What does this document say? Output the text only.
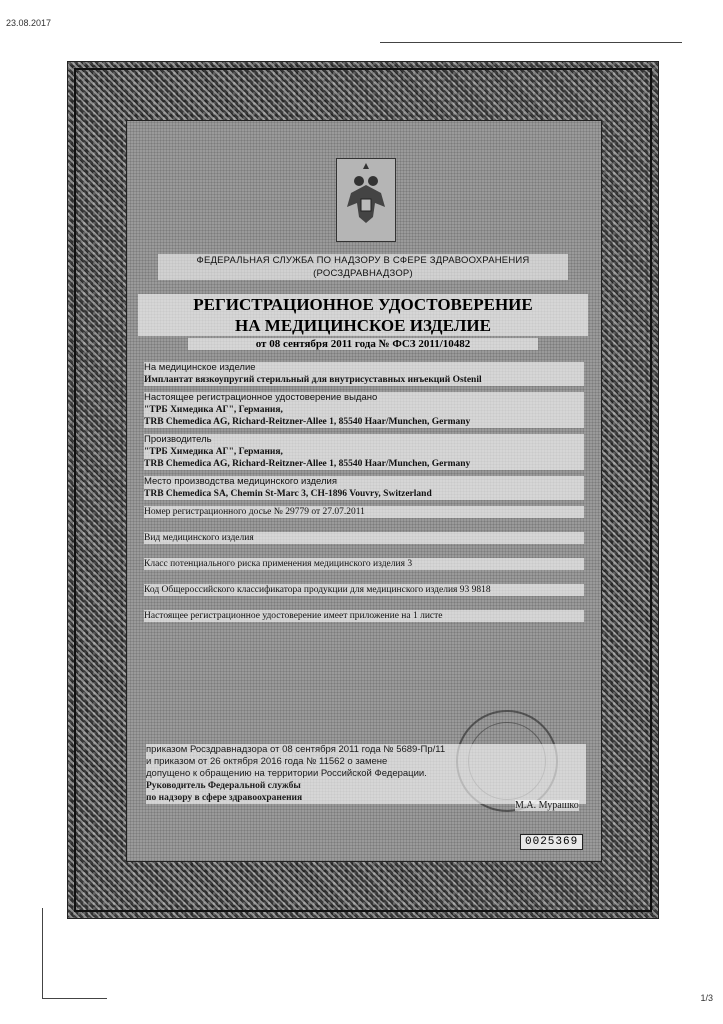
23.08.2017
ФЕДЕРАЛЬНАЯ СЛУЖБА ПО НАДЗОРУ В СФЕРЕ ЗДРАВООХРАНЕНИЯ
(РОСЗДРАВНАДЗОР)
РЕГИСТРАЦИОННОЕ УДОСТОВЕРЕНИЕ
НА МЕДИЦИНСКОЕ ИЗДЕЛИЕ
от 08 сентября 2011 года № ФСЗ 2011/10482
На медицинское изделие
Имплантат вязкоупругий стерильный для внутрисуставных инъекций Ostenil
Настоящее регистрационное удостоверение выдано
"ТРБ Химедика АГ", Германия,
TRB Chemedica AG, Richard-Reitzner-Allee 1, 85540 Haar/Munchen, Germany
Производитель
"ТРБ Химедика АГ", Германия,
TRB Chemedica AG, Richard-Reitzner-Allee 1, 85540 Haar/Munchen, Germany
Место производства медицинского изделия
TRB Chemedica SA, Chemin St-Marc 3, CH-1896 Vouvry, Switzerland
Номер регистрационного досье № 29779 от 27.07.2011
Вид медицинского изделия
Класс потенциального риска применения медицинского изделия 3
Код Общероссийского классификатора продукции для медицинского изделия 93 9818
Настоящее регистрационное удостоверение имеет приложение на 1 листе
приказом Росздравнадзора от 08 сентября 2011 года № 5689-Пр/11
и приказом от 26 октября 2016 года № 11562 о замене
допущено к обращению на территории Российской Федерации.
Руководитель Федеральной службы
по надзору в сфере здравоохранения
М.А. Мурашко
0025369
1/3
